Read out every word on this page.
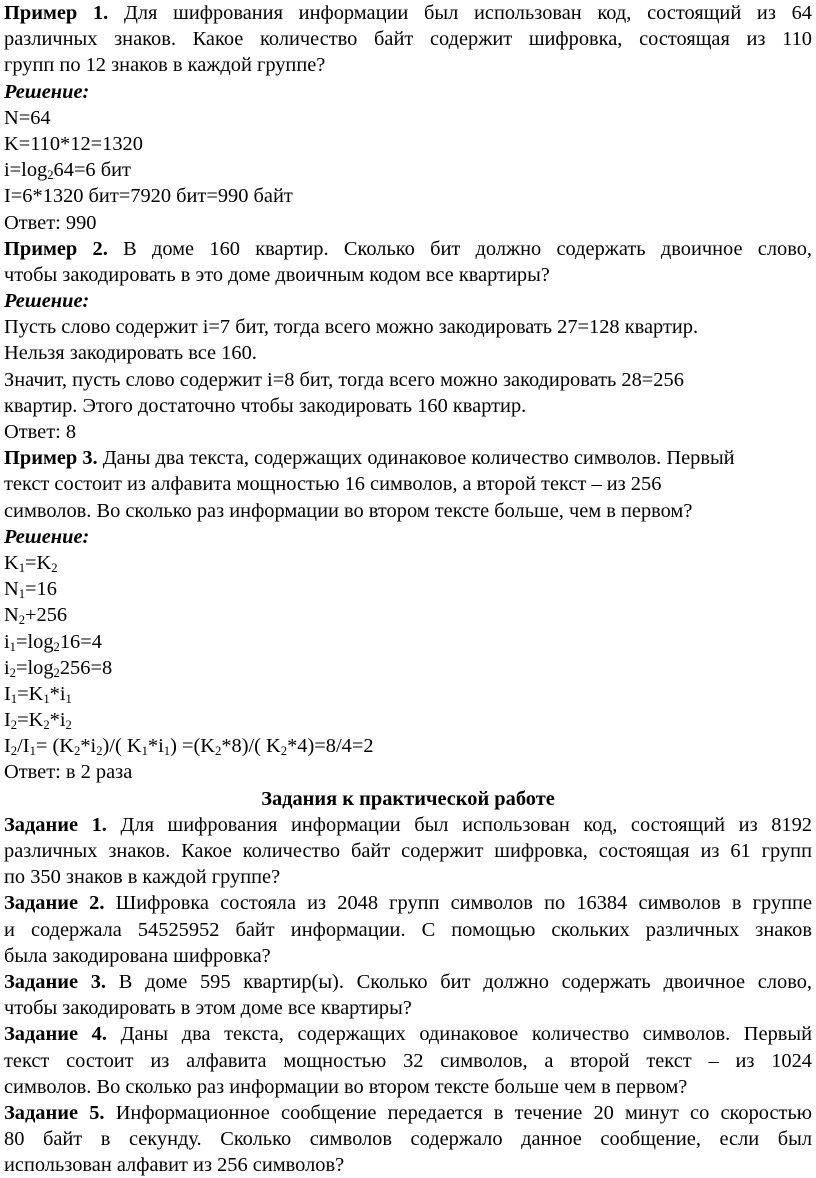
Пример 1. Для шифрования информации был использован код, состоящий из 64
различных знаков. Какое количество байт содержит шифровка, состоящая из 110
групп по 12 знаков в каждой группе?
Решение:
N=64
K=110*12=1320
$i=\log_264=6$ бит
I=6*1320 бит=7920 бит=990 байт
Ответ: 990
Пример 2. В доме 160 квартир. Сколько бит должно содержать двоичное слово,
чтобы закодировать в это доме двоичным кодом все квартиры?
Решение:
Пусть слово содержит i=7 бит, тогда всего можно закодировать 27=128 квартир.
Нельзя закодировать все 160.
Значит, пусть слово содержит i=8 бит, тогда всего можно закодировать 28=256
квартир. Этого достаточно чтобы закодировать 160 квартир.
Ответ: 8
Пример 3. Даны два текста, содержащих одинаковое количество символов. Первый
текст состоит из алфавита мощностью 16 символов, а второй текст – из 256
символов. Во сколько раз информации во втором тексте больше, чем в первом?
Решение:
$K_1=K_2$
$N_1=16$
$N_2+256$
$i_1=\log_216=4$
$i_2=\log_2256=8$
$I_1=K_1*i_1$
$I_2=K_2*i_2$
$I_2/I_1= (K_2*i_2)/$( $K_1*i_1) =(K_2*8)/$( $K_2*4)=8/4=2$
Ответ: в 2 раза
Задания к практической работе
Задание 1. Для шифрования информации был использован код, состоящий из 8192
различных знаков. Какое количество байт содержит шифровка, состоящая из 61 групп
по 350 знаков в каждой группе?
Задание 2. Шифровка состояла из 2048 групп символов по 16384 символов в группе
и содержала 54525952 байт информации. С помощью скольких различных знаков
была закодирована шифровка?
Задание 3. В доме 595 квартир(ы). Сколько бит должно содержать двоичное слово,
чтобы закодировать в этом доме все квартиры?
Задание 4. Даны два текста, содержащих одинаковое количество символов. Первый
текст состоит из алфавита мощностью 32 символов, а второй текст – из 1024
символов. Во сколько раз информации во втором тексте больше чем в первом?
Задание 5. Информационное сообщение передается в течение 20 минут со скоростью
80 байт в секунду. Сколько символов содержало данное сообщение, если был
использован алфавит из 256 символов?
